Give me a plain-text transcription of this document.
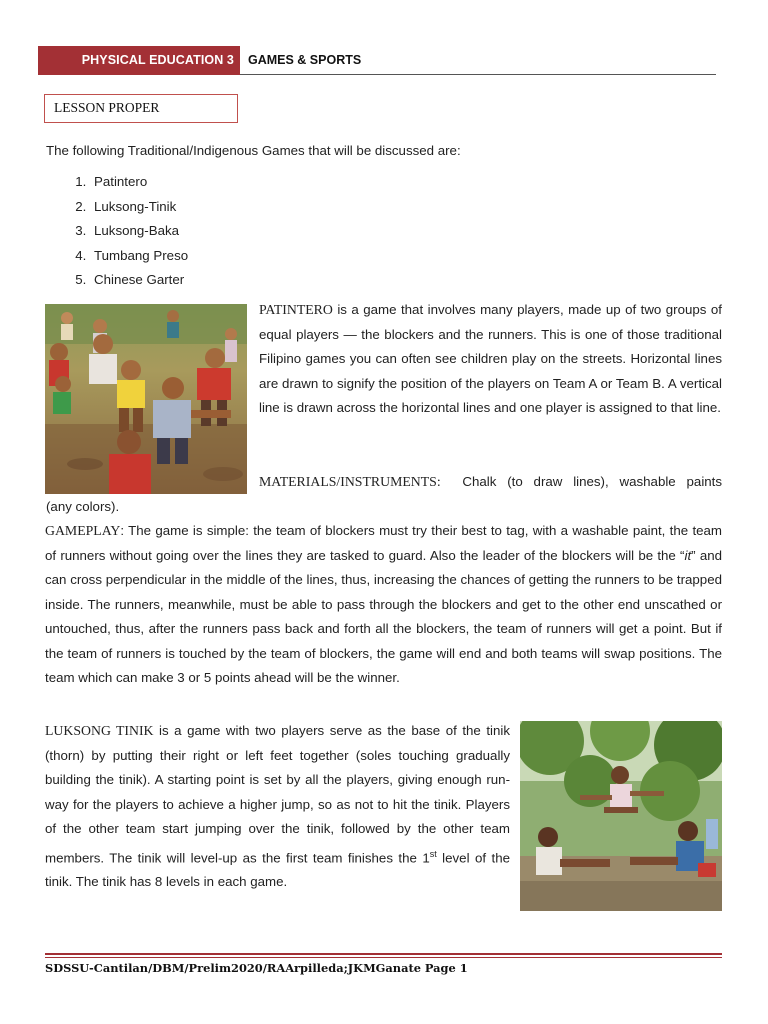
PHYSICAL EDUCATION 3 GAMES & SPORTS
LESSON PROPER
The following Traditional/Indigenous Games that will be discussed are:
1. Patintero
2. Luksong-Tinik
3. Luksong-Baka
4. Tumbang Preso
5. Chinese Garter

PATINTERO is a game that involves many players, made up of two groups of equal players — the blockers and the runners. This is one of those traditional Filipino games you can often see children play on the streets. Horizontal lines are drawn to signify the position of the players on Team A or Team B. A vertical line is drawn across the horizontal lines and one player is assigned to that line.

MATERIALS/INSTRUMENTS: Chalk (to draw lines), washable paints

(any colors).

GAMEPLAY: The game is simple: the team of blockers must try their best to tag, with a washable paint, the team of runners without going over the lines they are tasked to guard. Also the leader of the blockers will be the “it” and can cross perpendicular in the middle of the lines, thus, increasing the chances of getting the runners to be trapped inside. The runners, meanwhile, must be able to pass through the blockers and get to the other end unscathed or untouched, thus, after the runners pass back and forth all the blockers, the team of runners will get a point. But if the team of runners is touched by the team of blockers, the game will end and both teams will swap positions. The team which can make 3 or 5 points ahead will be the winner.

LUKSONG TINIK is a game with two players serve as the base of the tinik (thorn) by putting their right or left feet together (soles touching gradually building the tinik). A starting point is set by all the players, giving enough run-way for the players to achieve a higher jump, so as not to hit the tinik. Players of the other team start jumping over the tinik, followed by the other team members. The tinik will level-up as the first team finishes the 1st level of the tinik. The tinik has 8 levels in each game.

SDSSU-Cantilan/DBM/Prelim2020/RAArpilleda;JKMGanate Page 1
